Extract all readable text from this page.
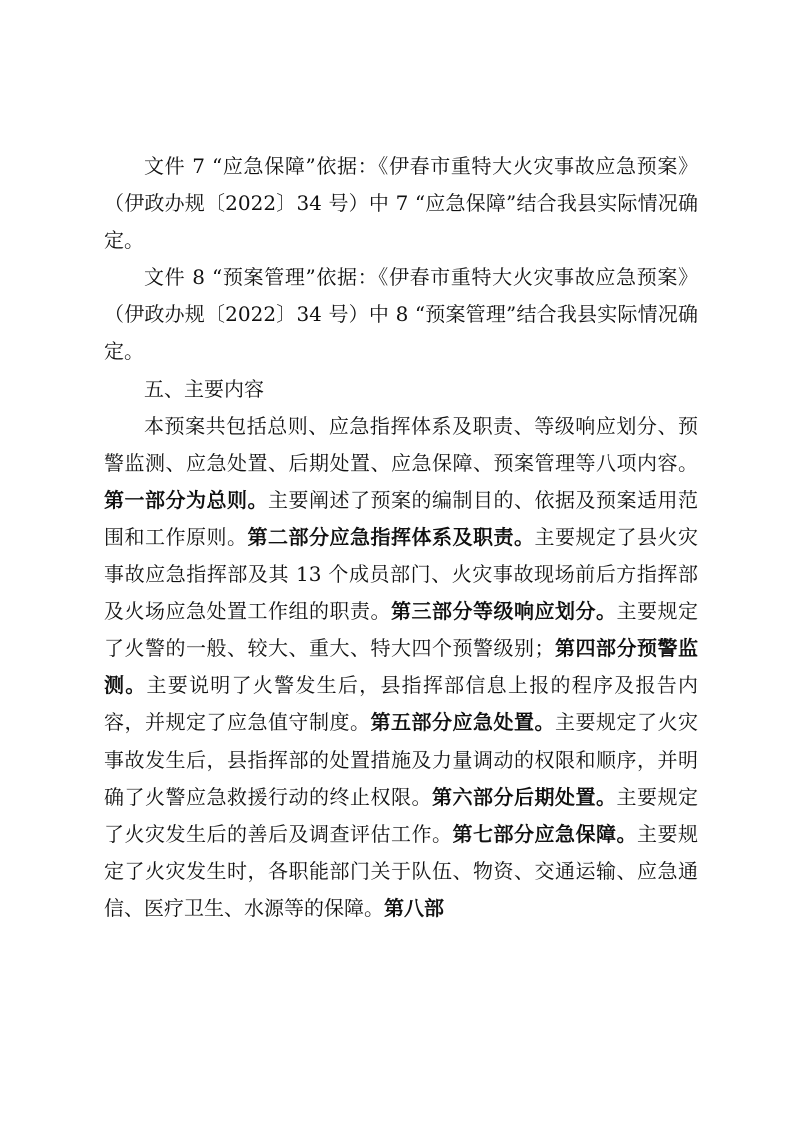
文件 7 “应急保障”依据：《伊春市重特大火灾事故应急预案》（伊政办规〔2022〕34 号）中 7 “应急保障”结合我县实际情况确定。

文件 8 “预案管理”依据：《伊春市重特大火灾事故应急预案》（伊政办规〔2022〕34 号）中 8 “预案管理”结合我县实际情况确定。

五、主要内容

本预案共包括总则、应急指挥体系及职责、等级响应划分、预警监测、应急处置、后期处置、应急保障、预案管理等八项内容。第一部分为总则。主要阐述了预案的编制目的、依据及预案适用范围和工作原则。第二部分应急指挥体系及职责。主要规定了县火灾事故应急指挥部及其 13 个成员部门、火灾事故现场前后方指挥部及火场应急处置工作组的职责。第三部分等级响应划分。主要规定了火警的一般、较大、重大、特大四个预警级别；第四部分预警监测。主要说明了火警发生后，县指挥部信息上报的程序及报告内容，并规定了应急值守制度。第五部分应急处置。主要规定了火灾事故发生后，县指挥部的处置措施及力量调动的权限和顺序，并明确了火警应急救援行动的终止权限。第六部分后期处置。主要规定了火灾发生后的善后及调查评估工作。第七部分应急保障。主要规定了火灾发生时，各职能部门关于队伍、物资、交通运输、应急通信、医疗卫生、水源等的保障。第八部
